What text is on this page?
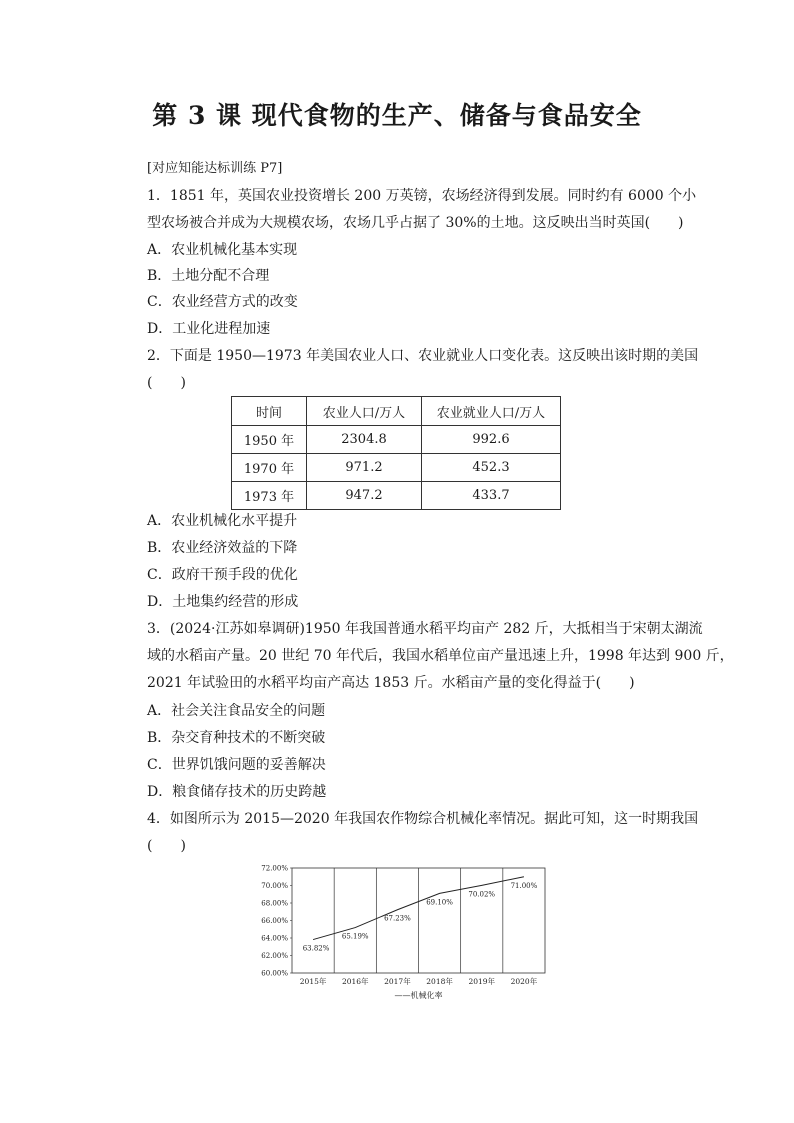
第 3 课 现代食物的生产、储备与食品安全
[对应知能达标训练 P7]
1．1851 年，英国农业投资增长 200 万英镑，农场经济得到发展。同时约有 6000 个小
型农场被合并成为大规模农场，农场几乎占据了 30%的土地。这反映出当时英国(　　)
A．农业机械化基本实现
B．土地分配不合理
C．农业经营方式的改变
D．工业化进程加速
2．下面是 1950—1973 年美国农业人口、农业就业人口变化表。这反映出该时期的美国
(　　)
时间	农业人口/万人	农业就业人口/万人
1950 年	2304.8	992.6
1970 年	971.2	452.3
1973 年	947.2	433.7
A．农业机械化水平提升
B．农业经济效益的下降
C．政府干预手段的优化
D．土地集约经营的形成
3．(2024·江苏如皋调研)1950 年我国普通水稻平均亩产 282 斤，大抵相当于宋朝太湖流
域的水稻亩产量。20 世纪 70 年代后，我国水稻单位亩产量迅速上升，1998 年达到 900 斤，
2021 年试验田的水稻平均亩产高达 1853 斤。水稻亩产量的变化得益于(　　)
A．社会关注食品安全的问题
B．杂交育种技术的不断突破
C．世界饥饿问题的妥善解决
D．粮食储存技术的历史跨越
4．如图所示为 2015—2020 年我国农作物综合机械化率情况。据此可知，这一时期我国
(　　)
72.00%
70.00%
68.00%
66.00%
64.00%
62.00%
60.00%
2015年 2016年 2017年 2018年 2019年 2020年
63.82%
65.19%
67.23%
69.10%
70.02%
71.00%
——机械化率
